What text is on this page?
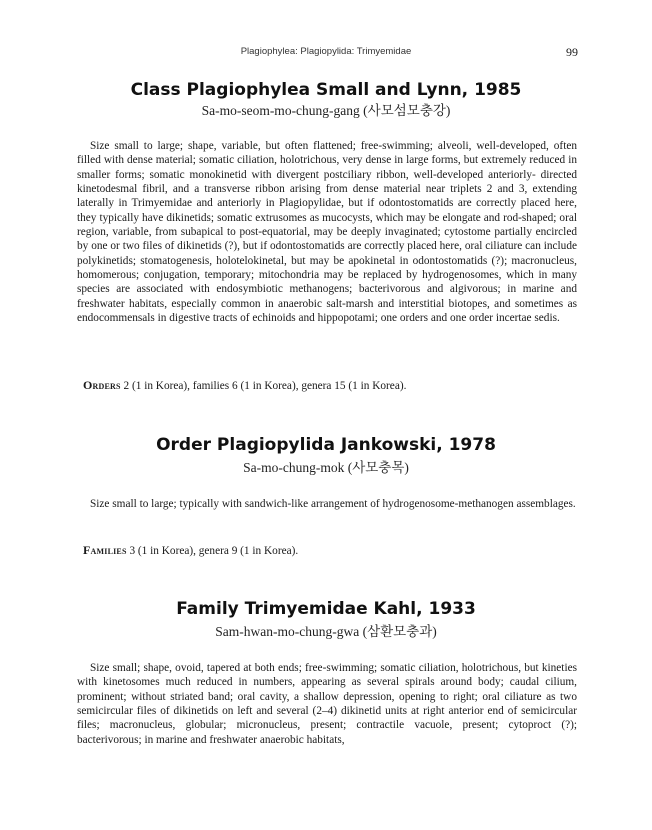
Plagiophylea: Plagiopylida: Trimyemidae	99
Class Plagiophylea Small and Lynn, 1985
Sa-mo-seom-mo-chung-gang (사모섬모충강)

Size small to large; shape, variable, but often flattened; free-swimming; alveoli, well-developed, often filled with dense material; somatic ciliation, holotrichous, very dense in large forms, but extremely reduced in smaller forms; somatic monokinetid with divergent postciliary ribbon, well-developed anteriorly- directed kinetodesmal fibril, and a transverse ribbon arising from dense material near triplets 2 and 3, extending laterally in Trimyemidae and anteriorly in Plagiopylidae, but if odontostomatids are correctly placed here, they typically have dikinetids; somatic extrusomes as mucocysts, which may be elongate and rod-shaped; oral region, variable, from subapical to post-equatorial, may be deeply invaginated; cytostome partially encircled by one or two files of dikinetids (?), but if odontostomatids are correctly placed here, oral ciliature can include polykinetids; stomatogenesis, holotelokinetal, but may be apokinetal in odontostomatids (?); macronucleus, homomerous; conjugation, temporary; mitochondria may be replaced by hydrogenosomes, which in many species are associated with endosymbiotic methanogens; bacterivorous and algivorous; in marine and freshwater habitats, especially common in anaerobic salt-marsh and interstitial biotopes, and sometimes as endocommensals in digestive tracts of echinoids and hippopotami; one orders and one order incertae sedis.

Orders 2 (1 in Korea), families 6 (1 in Korea), genera 15 (1 in Korea).
Order Plagiopylida Jankowski, 1978
Sa-mo-chung-mok (사모충목)

Size small to large; typically with sandwich-like arrangement of hydrogenosome-methanogen assemblages.

Families 3 (1 in Korea), genera 9 (1 in Korea).
Family Trimyemidae Kahl, 1933
Sam-hwan-mo-chung-gwa (삼환모충과)

Size small; shape, ovoid, tapered at both ends; free-swimming; somatic ciliation, holotrichous, but kineties with kinetosomes much reduced in numbers, appearing as several spirals around body; caudal cilium, prominent; without striated band; oral cavity, a shallow depression, opening to right; oral ciliature as two semicircular files of dikinetids on left and several (2–4) dikinetid units at right anterior end of semicircular files; macronucleus, globular; micronucleus, present; contractile vacuole, present; cytoproct (?); bacterivorous; in marine and freshwater anaerobic habitats,
